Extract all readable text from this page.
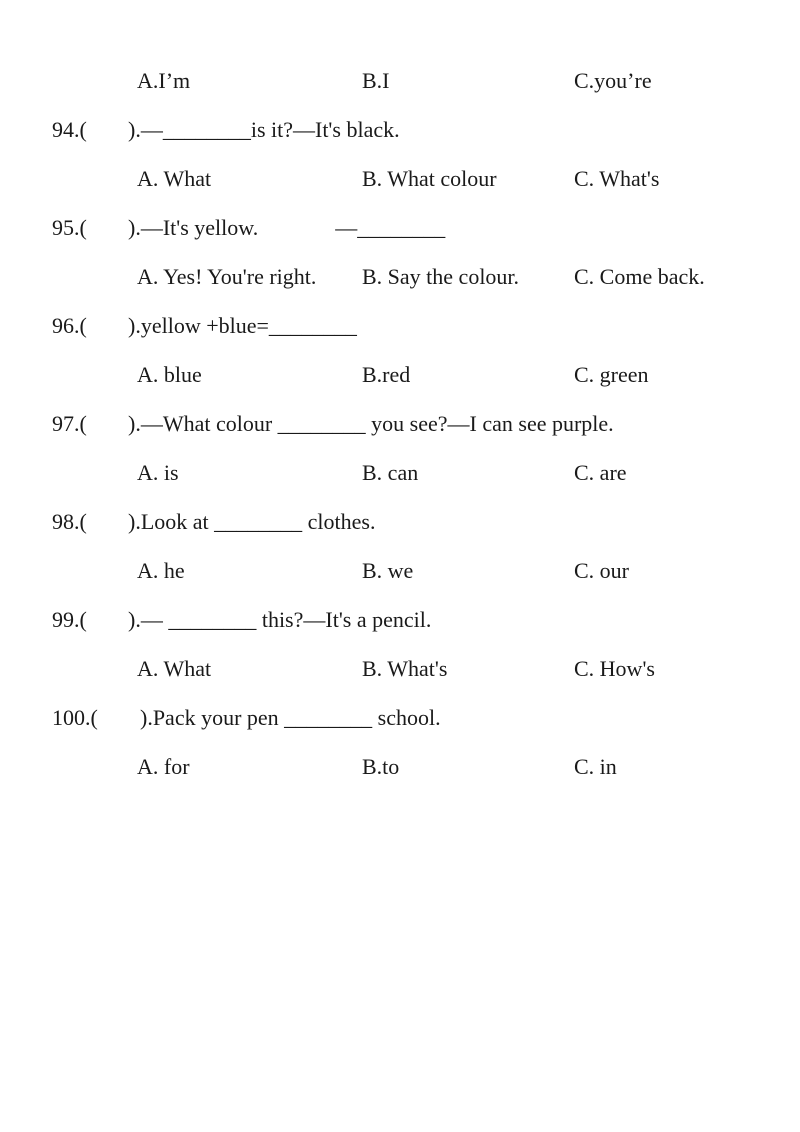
A.I’m	B.I	C.you’re
94.( ).—________is it?—It's black.
A. What	B. What colour	C. What's
95.( ).—It's yellow.              —________
A. Yes! You're right. B. Say the colour. C. Come back.
96.( ).yellow +blue=________
A. blue	B.red	C. green
97.( ).—What colour ________ you see?—I can see purple.
A. is	B. can	C. are
98.( ).Look at ________ clothes.
A. he	B. we	C. our
99.( ).— ________ this?—It's a pencil.
A. What	B. What's	C. How's
100.( ).Pack your pen ________ school.
A. for	B.to	C. in
